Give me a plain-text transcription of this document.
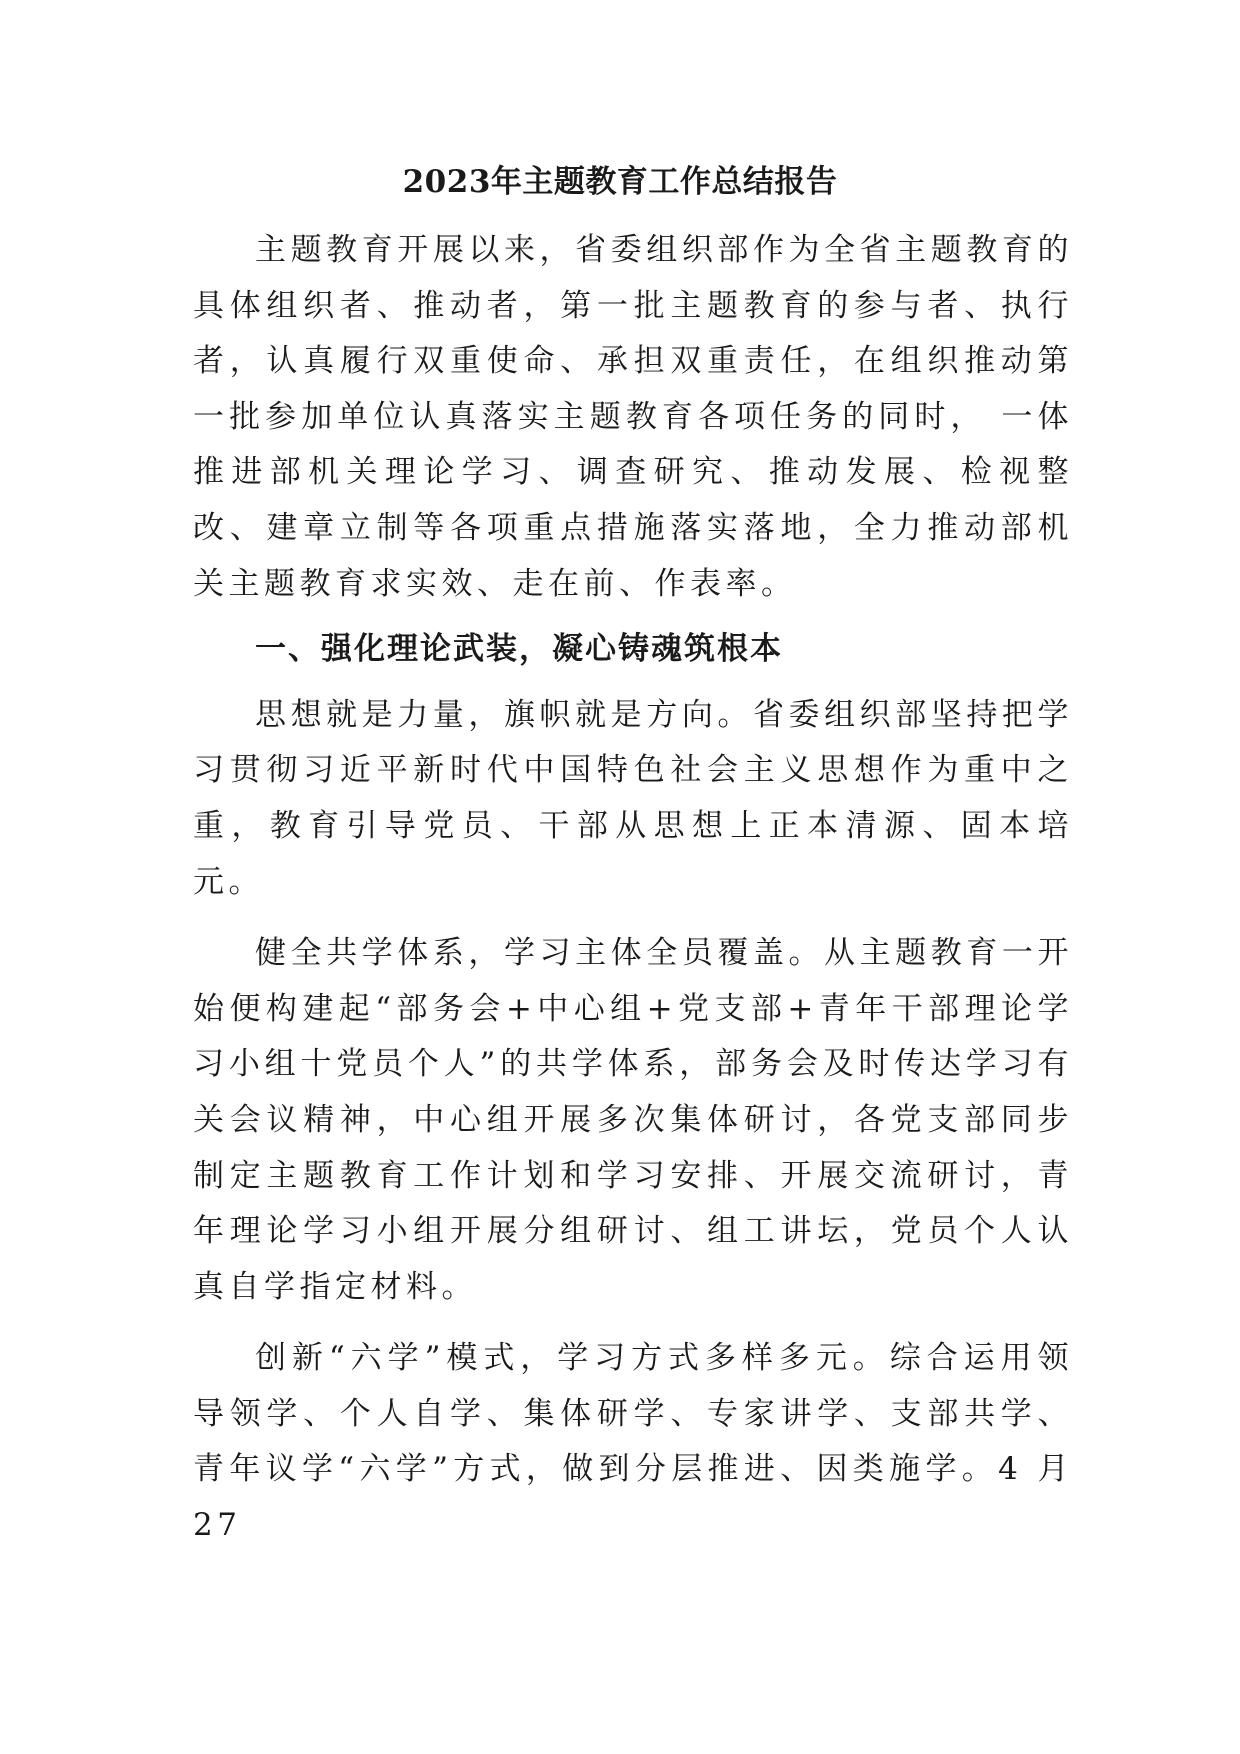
2023年主题教育工作总结报告

主题教育开展以来，省委组织部作为全省主题教育的具体组织者、推动者，第一批主题教育的参与者、执行者，认真履行双重使命、承担双重责任，在组织推动第一批参加单位认真落实主题教育各项任务的同时， 一体推进部机关理论学习、调查研究、推动发展、检视整改、建章立制等各项重点措施落实落地，全力推动部机关主题教育求实效、走在前、作表率。

一、强化理论武装，凝心铸魂筑根本

思想就是力量，旗帜就是方向。省委组织部坚持把学习贯彻习近平新时代中国特色社会主义思想作为重中之重，教育引导党员、干部从思想上正本清源、固本培元。

健全共学体系，学习主体全员覆盖。从主题教育一开始便构建起“部务会+中心组+党支部+青年干部理论学习小组十党员个人”的共学体系，部务会及时传达学习有关会议精神，中心组开展多次集体研讨，各党支部同步制定主题教育工作计划和学习安排、开展交流研讨，青年理论学习小组开展分组研讨、组工讲坛，党员个人认真自学指定材料。

创新“六学”模式，学习方式多样多元。综合运用领导领学、个人自学、集体研学、专家讲学、支部共学、青年议学“六学”方式，做到分层推进、因类施学。4 月 27
